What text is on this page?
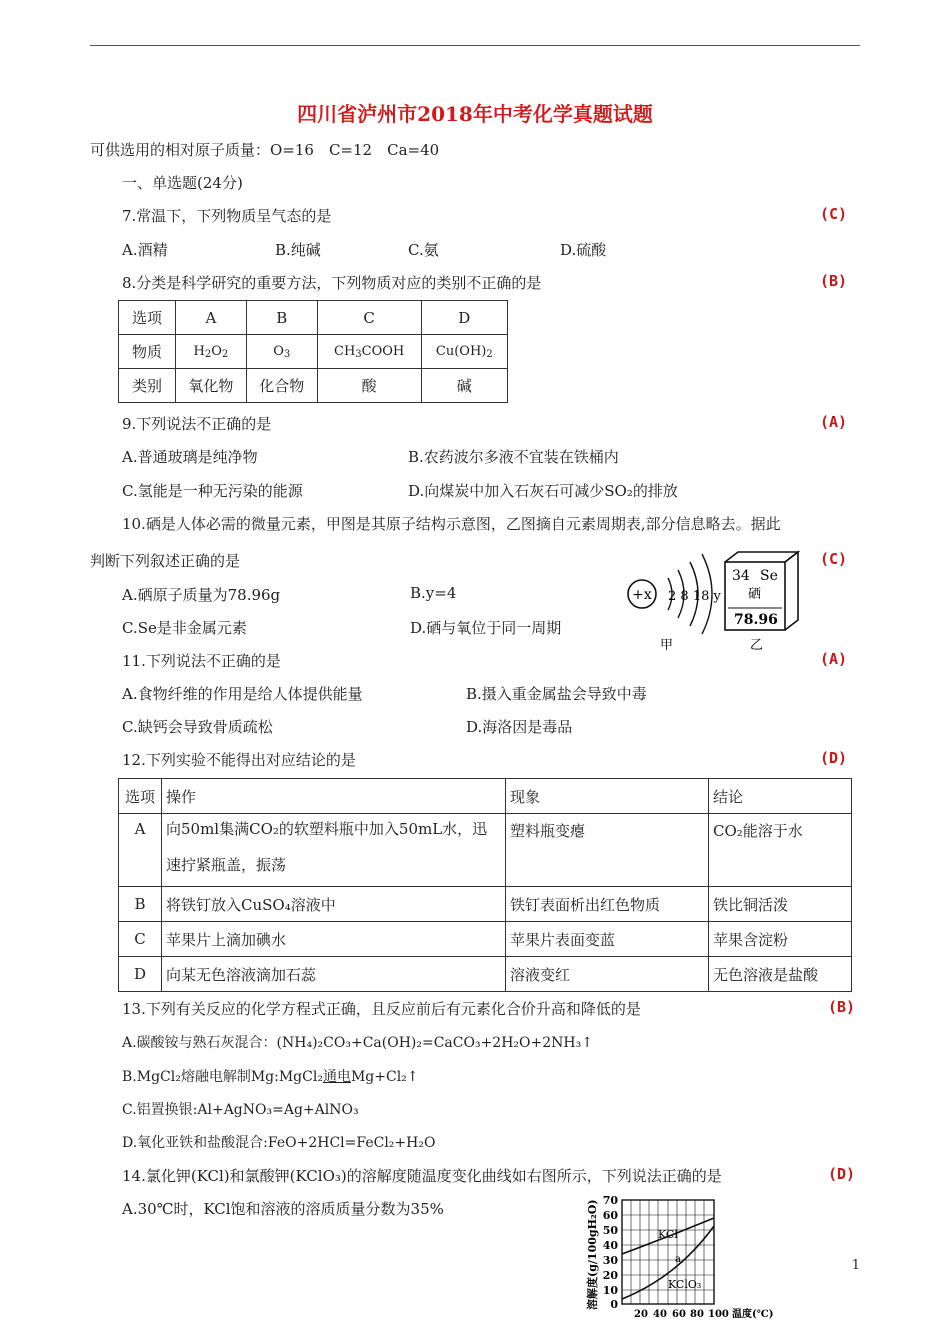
四川省泸州市2018年中考化学真题试题
可供选用的相对原子质量：O=16　C=12　Ca=40
一、单选题(24分)
7.常温下，下列物质呈气态的是	(C)
A.酒精	B.纯碱	C.氨	D.硫酸
8.分类是科学研究的重要方法，下列物质对应的类别不正确的是	(B)
选项	A	B	C	D
物质	$H_2O_2$	$O_3$	$CH_3COOH$	$Cu(OH)_2$
类别	氧化物	化合物	酸	碱
9.下列说法不正确的是	(A)
A.普通玻璃是纯净物	B.农药波尔多液不宜装在铁桶内
C.氢能是一种无污染的能源	D.向煤炭中加入石灰石可减少SO₂的排放
10.硒是人体必需的微量元素，甲图是其原子结构示意图，乙图摘自元素周期表,部分信息略去。据此
判断下列叙述正确的是	(C)
A.硒原子质量为78.96g	B.y=4
C.Se是非金属元素	D.硒与氧位于同一周期
+x 2 8 18 y
甲
34 Se
硒
78.96
乙
11.下列说法不正确的是	(A)
A.食物纤维的作用是给人体提供能量	B.摄入重金属盐会导致中毒
C.缺钙会导致骨质疏松	D.海洛因是毒品
12.下列实验不能得出对应结论的是	(D)
选项	操作	现象	结论
A	向50ml集满CO₂的软塑料瓶中加入50mL水，迅
速拧紧瓶盖，振荡	塑料瓶变瘪	CO₂能溶于水
B	将铁钉放入CuSO₄溶液中	铁钉表面析出红色物质	铁比铜活泼
C	苹果片上滴加碘水	苹果片表面变蓝	苹果含淀粉
D	向某无色溶液滴加石蕊	溶液变红	无色溶液是盐酸
13.下列有关反应的化学方程式正确，且反应前后有元素化合价升高和降低的是	(B)
A.碳酸铵与熟石灰混合：(NH₄)₂CO₃+Ca(OH)₂=CaCO₃+2H₂O+2NH₃↑
B.MgCl₂熔融电解制Mg:MgCl₂通电Mg+Cl₂↑
C.铝置换银:Al+AgNO₃=Ag+AlNO₃
D.氧化亚铁和盐酸混合:FeO+2HCl=FeCl₂+H₂O
14.氯化钾(KCl)和氯酸钾(KClO₃)的溶解度随温度变化曲线如右图所示，下列说法正确的是	(D)
A.30℃时，KCl饱和溶液的溶质质量分数为35%	溶解度(g/100gH₂O) 70
60
50
40
30
20
10
0
KCl
a
KClO₃
20 40 60 80 100 温度(℃)
1
